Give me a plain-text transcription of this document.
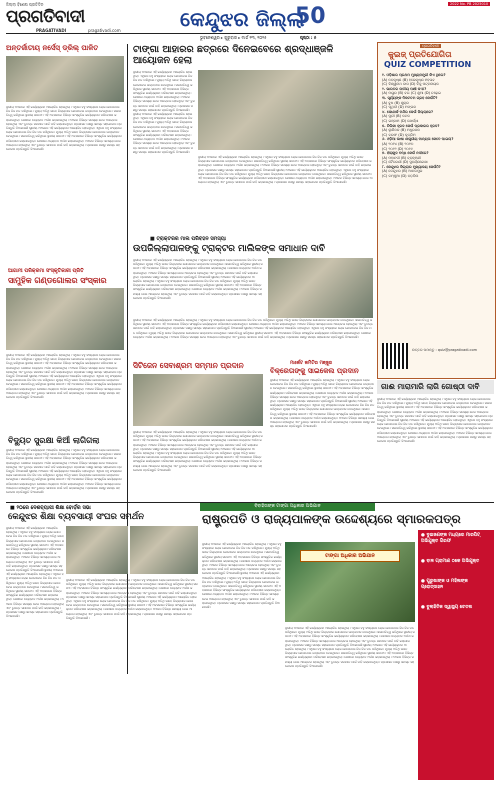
ଜିଲ୍ଲା ବିଶେଷ ପ୍ରତିଦିନ
ପ୍ରଗତିବାଦୀ
PRAGATIVADI	pragativadi.com	କେନ୍ଦୁଝର ଜିଲ୍ଲା
50	2022 No. PB 2025010
ଭୁବନେଶ୍ୱର ▸ ଗୁରୁବାର ▸ ମାର୍ଚ୍ଚ ୧୩, ୨୦୨୫	ପୃଷ୍ଠା : ୫
ପ୍ରଗତିବାଦୀ
କୁଇଜ୍ ପ୍ରତିଯୋଗିତା
QUIZ COMPETITION
୧. ଓଡ଼ିଶାର ପ୍ରଥମ ମୁଖ୍ୟମନ୍ତ୍ରୀ କିଏ ଥିଲେ?
(A) ନବକୃଷ୍ଣ (B) ହରେକୃଷ୍ଣ ମହତାବ
(C) ବିଶ୍ୱନାଥ ଦାସ (D) ବିଜୁ ପଟ୍ଟନାୟକ
୨. ଭାରତର ଜାତୀୟ ପକ୍ଷୀ କ'ଣ?
(A) ମୟୂର (B) ବଗ (C) ଶୁଆ (D) ଚଢ଼େଇ
୩. ସୂର୍ଯ୍ୟଙ୍କ ନିକଟତମ ଗ୍ରହ କେଉଁଟି?
(A) ବୁଧ (B) ଶୁକ୍ର
(C) ପୃଥିବୀ (D) ମଙ୍ଗଳ
୪. କୋଣାର୍କ ମନ୍ଦିର କେଉଁ ଜିଲ୍ଲାରେ?
(A) ପୁରୀ (B) କଟକ
(C) ଗଞ୍ଜାମ (D) ଖୋର୍ଦ୍ଧା
୫. ଚିଲିକା ହ୍ରଦ କେଉଁ ପ୍ରକାରର ହ୍ରଦ?
(A) ଲୁଣିଜଳ (B) ମଧୁରଜଳ
(C) ବରଫ (D) କୃତ୍ରିମ
୬. ଓଡ଼ିଆ ଭାଷା ଶାସ୍ତ୍ରୀୟ ମାନ୍ୟତା କେବେ ପାଇଲା?
(A) ୨୦୧୪ (B) ୨୦୧୦
(C) ୨୦୧୨ (D) ୨୦୧୬
୭. ହୀରାକୁଦ ବନ୍ଧ କେଉଁ ନଦୀରେ?
(A) ମହାନଦୀ (B) ବ୍ରାହ୍ମଣୀ
(C) ବୈତରଣୀ (D) ସୁବର୍ଣ୍ଣରେଖା
୮. କେନ୍ଦୁଝର ଜିଲ୍ଲାର ମୁଖ୍ୟାଳୟ କେଉଁଠି?
(A) କେନ୍ଦୁଝର (B) ଆନନ୍ଦପୁର
(C) ଚମ୍ପୁଆ (D) ବଡ଼ବିଲ
ଉତ୍ତର ପଠାନ୍ତୁ : quiz@pragativadi.com
ଅନ୍ତର୍ଜାତୀୟ ନର୍ସେସ୍ ଡ୍ରିଲ୍ ପାଳିତ
ସ୍ଥାନୀୟ ଅଞ୍ଚଳରେ ଏହି କାର୍ଯ୍ୟକ୍ରମ ଆୟୋଜିତ ହୋଇଥିଲା। ଏଥିରେ ବହୁ ସଂଖ୍ୟାରେ ଲୋକ ଯୋଗଦେଇ ନିଜ ନିଜ ମତ ରଖିଥିଲେ। ମୁଖ୍ୟ ଅତିଥି ଭାବେ ଜିଲ୍ଲାପାଳ ଯୋଗଦେଇ ଉଦ୍‌ବୋଧନ ଦେଇଥିଲେ। ସଭାପତିତ୍ୱ କରିଥିଲେ ସ୍ଥାନୀୟ ସରପଞ୍ଚ। ଏହି ଅବସରରେ ବିଭିନ୍ନ ସାଂସ୍କୃତିକ କାର୍ଯ୍ୟକ୍ରମ ପରିବେଷଣ କରାଯାଇଥିଲା। ଶେଷରେ ଧନ୍ୟବାଦ ଅର୍ପଣ କରାଯାଇଥିଲା। ଅଞ୍ଚଳର ବିଭିନ୍ନ ସମସ୍ୟା ନେଇ ଆଲୋଚନା ହୋଇଥିଲା ଏବଂ ତୁରନ୍ତ ସମାଧାନ ପାଇଁ ଦାବି କରାଯାଇଥିଲା। ପ୍ରଶାସନ ପକ୍ଷରୁ ସମସ୍ତ ସହଯୋଗର ପ୍ରତିଶ୍ରୁତି ଦିଆଯାଇଛି।ସ୍ଥାନୀୟ ଅଞ୍ଚଳରେ ଏହି କାର୍ଯ୍ୟକ୍ରମ ଆୟୋଜିତ ହୋଇଥିଲା। ଏଥିରେ ବହୁ ସଂଖ୍ୟାରେ ଲୋକ ଯୋଗଦେଇ ନିଜ ନିଜ ମତ ରଖିଥିଲେ। ମୁଖ୍ୟ ଅତିଥି ଭାବେ ଜିଲ୍ଲାପାଳ ଯୋଗଦେଇ ଉଦ୍‌ବୋଧନ ଦେଇଥିଲେ। ସଭାପତିତ୍ୱ କରିଥିଲେ ସ୍ଥାନୀୟ ସରପଞ୍ଚ। ଏହି ଅବସରରେ ବିଭିନ୍ନ ସାଂସ୍କୃତିକ କାର୍ଯ୍ୟକ୍ରମ ପରିବେଷଣ କରାଯାଇଥିଲା। ଶେଷରେ ଧନ୍ୟବାଦ ଅର୍ପଣ କରାଯାଇଥିଲା। ଅଞ୍ଚଳର ବିଭିନ୍ନ ସମସ୍ୟା ନେଇ ଆଲୋଚନା ହୋଇଥିଲା ଏବଂ ତୁରନ୍ତ ସମାଧାନ ପାଇଁ ଦାବି କରାଯାଇଥିଲା। ପ୍ରଶାସନ ପକ୍ଷରୁ ସମସ୍ତ ସହଯୋଗର ପ୍ରତିଶ୍ରୁତି ଦିଆଯାଇଛି।
ଟାଙ୍ଗା ଆହାରର ଛତ୍ରରେ ଦିନେଇବେରେ ଶ୍ରଦ୍ଧାଞ୍ଜଳି ଆୟୋଜନ ହେଲା
ସ୍ଥାନୀୟ ଅଞ୍ଚଳରେ ଏହି କାର୍ଯ୍ୟକ୍ରମ ଆୟୋଜିତ ହୋଇଥିଲା। ଏଥିରେ ବହୁ ସଂଖ୍ୟାରେ ଲୋକ ଯୋଗଦେଇ ନିଜ ନିଜ ମତ ରଖିଥିଲେ। ମୁଖ୍ୟ ଅତିଥି ଭାବେ ଜିଲ୍ଲାପାଳ ଯୋଗଦେଇ ଉଦ୍‌ବୋଧନ ଦେଇଥିଲେ। ସଭାପତିତ୍ୱ କରିଥିଲେ ସ୍ଥାନୀୟ ସରପଞ୍ଚ। ଏହି ଅବସରରେ ବିଭିନ୍ନ ସାଂସ୍କୃତିକ କାର୍ଯ୍ୟକ୍ରମ ପରିବେଷଣ କରାଯାଇଥିଲା। ଶେଷରେ ଧନ୍ୟବାଦ ଅର୍ପଣ କରାଯାଇଥିଲା। ଅଞ୍ଚଳର ବିଭିନ୍ନ ସମସ୍ୟା ନେଇ ଆଲୋଚନା ହୋଇଥିଲା ଏବଂ ତୁରନ୍ତ ସମାଧାନ ପାଇଁ ଦାବି କରାଯାଇଥିଲା। ପ୍ରଶାସନ ପକ୍ଷରୁ ସମସ୍ତ ସହଯୋଗର ପ୍ରତିଶ୍ରୁତି ଦିଆଯାଇଛି।ସ୍ଥାନୀୟ ଅଞ୍ଚଳରେ ଏହି କାର୍ଯ୍ୟକ୍ରମ ଆୟୋଜିତ ହୋଇଥିଲା। ଏଥିରେ ବହୁ ସଂଖ୍ୟାରେ ଲୋକ ଯୋଗଦେଇ ନିଜ ନିଜ ମତ ରଖିଥିଲେ। ମୁଖ୍ୟ ଅତିଥି ଭାବେ ଜିଲ୍ଲାପାଳ ଯୋଗଦେଇ ଉଦ୍‌ବୋଧନ ଦେଇଥିଲେ। ସଭାପତିତ୍ୱ କରିଥିଲେ ସ୍ଥାନୀୟ ସରପଞ୍ଚ। ଏହି ଅବସରରେ ବିଭିନ୍ନ ସାଂସ୍କୃତିକ କାର୍ଯ୍ୟକ୍ରମ ପରିବେଷଣ କରାଯାଇଥିଲା। ଶେଷରେ ଧନ୍ୟବାଦ ଅର୍ପଣ କରାଯାଇଥିଲା। ଅଞ୍ଚଳର ବିଭିନ୍ନ ସମସ୍ୟା ନେଇ ଆଲୋଚନା ହୋଇଥିଲା ଏବଂ ତୁରନ୍ତ ସମାଧାନ ପାଇଁ ଦାବି କରାଯାଇଥିଲା। ପ୍ରଶାସନ ପକ୍ଷରୁ ସମସ୍ତ ସହଯୋଗର ପ୍ରତିଶ୍ରୁତି ଦିଆଯାଇଛି।
ସ୍ଥାନୀୟ ଅଞ୍ଚଳରେ ଏହି କାର୍ଯ୍ୟକ୍ରମ ଆୟୋଜିତ ହୋଇଥିଲା। ଏଥିରେ ବହୁ ସଂଖ୍ୟାରେ ଲୋକ ଯୋଗଦେଇ ନିଜ ନିଜ ମତ ରଖିଥିଲେ। ମୁଖ୍ୟ ଅତିଥି ଭାବେ ଜିଲ୍ଲାପାଳ ଯୋଗଦେଇ ଉଦ୍‌ବୋଧନ ଦେଇଥିଲେ। ସଭାପତିତ୍ୱ କରିଥିଲେ ସ୍ଥାନୀୟ ସରପଞ୍ଚ। ଏହି ଅବସରରେ ବିଭିନ୍ନ ସାଂସ୍କୃତିକ କାର୍ଯ୍ୟକ୍ରମ ପରିବେଷଣ କରାଯାଇଥିଲା। ଶେଷରେ ଧନ୍ୟବାଦ ଅର୍ପଣ କରାଯାଇଥିଲା। ଅଞ୍ଚଳର ବିଭିନ୍ନ ସମସ୍ୟା ନେଇ ଆଲୋଚନା ହୋଇଥିଲା ଏବଂ ତୁରନ୍ତ ସମାଧାନ ପାଇଁ ଦାବି କରାଯାଇଥିଲା। ପ୍ରଶାସନ ପକ୍ଷରୁ ସମସ୍ତ ସହଯୋଗର ପ୍ରତିଶ୍ରୁତି ଦିଆଯାଇଛି।ସ୍ଥାନୀୟ ଅଞ୍ଚଳରେ ଏହି କାର୍ଯ୍ୟକ୍ରମ ଆୟୋଜିତ ହୋଇଥିଲା। ଏଥିରେ ବହୁ ସଂଖ୍ୟାରେ ଲୋକ ଯୋଗଦେଇ ନିଜ ନିଜ ମତ ରଖିଥିଲେ। ମୁଖ୍ୟ ଅତିଥି ଭାବେ ଜିଲ୍ଲାପାଳ ଯୋଗଦେଇ ଉଦ୍‌ବୋଧନ ଦେଇଥିଲେ। ସଭାପତିତ୍ୱ କରିଥିଲେ ସ୍ଥାନୀୟ ସରପଞ୍ଚ। ଏହି ଅବସରରେ ବିଭିନ୍ନ ସାଂସ୍କୃତିକ କାର୍ଯ୍ୟକ୍ରମ ପରିବେଷଣ କରାଯାଇଥିଲା। ଶେଷରେ ଧନ୍ୟବାଦ ଅର୍ପଣ କରାଯାଇଥିଲା। ଅଞ୍ଚଳର ବିଭିନ୍ନ ସମସ୍ୟା ନେଇ ଆଲୋଚନା ହୋଇଥିଲା ଏବଂ ତୁରନ୍ତ ସମାଧାନ ପାଇଁ ଦାବି କରାଯାଇଥିଲା। ପ୍ରଶାସନ ପକ୍ଷରୁ ସମସ୍ତ ସହଯୋଗର ପ୍ରତିଶ୍ରୁତି ଦିଆଯାଇଛି।
■ ଟ୍ରାକ୍ଟରର ମାଲ ପରିବହନ ସମସ୍ୟା
ଉପଜିଲ୍ଲାପାଳଙ୍କୁ ଟ୍ରାକ୍ଟର ମାଲିକଙ୍କ ସମାଧାନ ଦାବି
ସ୍ଥାନୀୟ ଅଞ୍ଚଳରେ ଏହି କାର୍ଯ୍ୟକ୍ରମ ଆୟୋଜିତ ହୋଇଥିଲା। ଏଥିରେ ବହୁ ସଂଖ୍ୟାରେ ଲୋକ ଯୋଗଦେଇ ନିଜ ନିଜ ମତ ରଖିଥିଲେ। ମୁଖ୍ୟ ଅତିଥି ଭାବେ ଜିଲ୍ଲାପାଳ ଯୋଗଦେଇ ଉଦ୍‌ବୋଧନ ଦେଇଥିଲେ। ସଭାପତିତ୍ୱ କରିଥିଲେ ସ୍ଥାନୀୟ ସରପଞ୍ଚ। ଏହି ଅବସରରେ ବିଭିନ୍ନ ସାଂସ୍କୃତିକ କାର୍ଯ୍ୟକ୍ରମ ପରିବେଷଣ କରାଯାଇଥିଲା। ଶେଷରେ ଧନ୍ୟବାଦ ଅର୍ପଣ କରାଯାଇଥିଲା। ଅଞ୍ଚଳର ବିଭିନ୍ନ ସମସ୍ୟା ନେଇ ଆଲୋଚନା ହୋଇଥିଲା ଏବଂ ତୁରନ୍ତ ସମାଧାନ ପାଇଁ ଦାବି କରାଯାଇଥିଲା। ପ୍ରଶାସନ ପକ୍ଷରୁ ସମସ୍ତ ସହଯୋଗର ପ୍ରତିଶ୍ରୁତି ଦିଆଯାଇଛି।ସ୍ଥାନୀୟ ଅଞ୍ଚଳରେ ଏହି କାର୍ଯ୍ୟକ୍ରମ ଆୟୋଜିତ ହୋଇଥିଲା। ଏଥିରେ ବହୁ ସଂଖ୍ୟାରେ ଲୋକ ଯୋଗଦେଇ ନିଜ ନିଜ ମତ ରଖିଥିଲେ। ମୁଖ୍ୟ ଅତିଥି ଭାବେ ଜିଲ୍ଲାପାଳ ଯୋଗଦେଇ ଉଦ୍‌ବୋଧନ ଦେଇଥିଲେ। ସଭାପତିତ୍ୱ କରିଥିଲେ ସ୍ଥାନୀୟ ସରପଞ୍ଚ। ଏହି ଅବସରରେ ବିଭିନ୍ନ ସାଂସ୍କୃତିକ କାର୍ଯ୍ୟକ୍ରମ ପରିବେଷଣ କରାଯାଇଥିଲା। ଶେଷରେ ଧନ୍ୟବାଦ ଅର୍ପଣ କରାଯାଇଥିଲା। ଅଞ୍ଚଳର ବିଭିନ୍ନ ସମସ୍ୟା ନେଇ ଆଲୋଚନା ହୋଇଥିଲା ଏବଂ ତୁରନ୍ତ ସମାଧାନ ପାଇଁ ଦାବି କରାଯାଇଥିଲା। ପ୍ରଶାସନ ପକ୍ଷରୁ ସମସ୍ତ ସହଯୋଗର ପ୍ରତିଶ୍ରୁତି ଦିଆଯାଇଛି।
ସ୍ଥାନୀୟ ଅଞ୍ଚଳରେ ଏହି କାର୍ଯ୍ୟକ୍ରମ ଆୟୋଜିତ ହୋଇଥିଲା। ଏଥିରେ ବହୁ ସଂଖ୍ୟାରେ ଲୋକ ଯୋଗଦେଇ ନିଜ ନିଜ ମତ ରଖିଥିଲେ। ମୁଖ୍ୟ ଅତିଥି ଭାବେ ଜିଲ୍ଲାପାଳ ଯୋଗଦେଇ ଉଦ୍‌ବୋଧନ ଦେଇଥିଲେ। ସଭାପତିତ୍ୱ କରିଥିଲେ ସ୍ଥାନୀୟ ସରପଞ୍ଚ। ଏହି ଅବସରରେ ବିଭିନ୍ନ ସାଂସ୍କୃତିକ କାର୍ଯ୍ୟକ୍ରମ ପରିବେଷଣ କରାଯାଇଥିଲା। ଶେଷରେ ଧନ୍ୟବାଦ ଅର୍ପଣ କରାଯାଇଥିଲା। ଅଞ୍ଚଳର ବିଭିନ୍ନ ସମସ୍ୟା ନେଇ ଆଲୋଚନା ହୋଇଥିଲା ଏବଂ ତୁରନ୍ତ ସମାଧାନ ପାଇଁ ଦାବି କରାଯାଇଥିଲା। ପ୍ରଶାସନ ପକ୍ଷରୁ ସମସ୍ତ ସହଯୋଗର ପ୍ରତିଶ୍ରୁତି ଦିଆଯାଇଛି।ସ୍ଥାନୀୟ ଅଞ୍ଚଳରେ ଏହି କାର୍ଯ୍ୟକ୍ରମ ଆୟୋଜିତ ହୋଇଥିଲା। ଏଥିରେ ବହୁ ସଂଖ୍ୟାରେ ଲୋକ ଯୋଗଦେଇ ନିଜ ନିଜ ମତ ରଖିଥିଲେ। ମୁଖ୍ୟ ଅତିଥି ଭାବେ ଜିଲ୍ଲାପାଳ ଯୋଗଦେଇ ଉଦ୍‌ବୋଧନ ଦେଇଥିଲେ। ସଭାପତିତ୍ୱ କରିଥିଲେ ସ୍ଥାନୀୟ ସରପଞ୍ଚ। ଏହି ଅବସରରେ ବିଭିନ୍ନ ସାଂସ୍କୃତିକ କାର୍ଯ୍ୟକ୍ରମ ପରିବେଷଣ କରାଯାଇଥିଲା। ଶେଷରେ ଧନ୍ୟବାଦ ଅର୍ପଣ କରାଯାଇଥିଲା। ଅଞ୍ଚଳର ବିଭିନ୍ନ ସମସ୍ୟା ନେଇ ଆଲୋଚନା ହୋଇଥିଲା ଏବଂ ତୁରନ୍ତ ସମାଧାନ ପାଇଁ ଦାବି କରାଯାଇଥିଲା। ପ୍ରଶାସନ ପକ୍ଷରୁ ସମସ୍ତ ସହଯୋଗର ପ୍ରତିଶ୍ରୁତି ଦିଆଯାଇଛି।
ଆଗାମୀ ପରିକ୍ରମା ସଂସ୍କୃତିକାରୀ ପ୍ରିତି
ସାମୁହିକ ଗଣ୍ଡଗୋଲର ସଂସ୍କାର
ସ୍ଥାନୀୟ ଅଞ୍ଚଳରେ ଏହି କାର୍ଯ୍ୟକ୍ରମ ଆୟୋଜିତ ହୋଇଥିଲା। ଏଥିରେ ବହୁ ସଂଖ୍ୟାରେ ଲୋକ ଯୋଗଦେଇ ନିଜ ନିଜ ମତ ରଖିଥିଲେ। ମୁଖ୍ୟ ଅତିଥି ଭାବେ ଜିଲ୍ଲାପାଳ ଯୋଗଦେଇ ଉଦ୍‌ବୋଧନ ଦେଇଥିଲେ। ସଭାପତିତ୍ୱ କରିଥିଲେ ସ୍ଥାନୀୟ ସରପଞ୍ଚ। ଏହି ଅବସରରେ ବିଭିନ୍ନ ସାଂସ୍କୃତିକ କାର୍ଯ୍ୟକ୍ରମ ପରିବେଷଣ କରାଯାଇଥିଲା। ଶେଷରେ ଧନ୍ୟବାଦ ଅର୍ପଣ କରାଯାଇଥିଲା। ଅଞ୍ଚଳର ବିଭିନ୍ନ ସମସ୍ୟା ନେଇ ଆଲୋଚନା ହୋଇଥିଲା ଏବଂ ତୁରନ୍ତ ସମାଧାନ ପାଇଁ ଦାବି କରାଯାଇଥିଲା। ପ୍ରଶାସନ ପକ୍ଷରୁ ସମସ୍ତ ସହଯୋଗର ପ୍ରତିଶ୍ରୁତି ଦିଆଯାଇଛି।ସ୍ଥାନୀୟ ଅଞ୍ଚଳରେ ଏହି କାର୍ଯ୍ୟକ୍ରମ ଆୟୋଜିତ ହୋଇଥିଲା। ଏଥିରେ ବହୁ ସଂଖ୍ୟାରେ ଲୋକ ଯୋଗଦେଇ ନିଜ ନିଜ ମତ ରଖିଥିଲେ। ମୁଖ୍ୟ ଅତିଥି ଭାବେ ଜିଲ୍ଲାପାଳ ଯୋଗଦେଇ ଉଦ୍‌ବୋଧନ ଦେଇଥିଲେ। ସଭାପତିତ୍ୱ କରିଥିଲେ ସ୍ଥାନୀୟ ସରପଞ୍ଚ। ଏହି ଅବସରରେ ବିଭିନ୍ନ ସାଂସ୍କୃତିକ କାର୍ଯ୍ୟକ୍ରମ ପରିବେଷଣ କରାଯାଇଥିଲା। ଶେଷରେ ଧନ୍ୟବାଦ ଅର୍ପଣ କରାଯାଇଥିଲା। ଅଞ୍ଚଳର ବିଭିନ୍ନ ସମସ୍ୟା ନେଇ ଆଲୋଚନା ହୋଇଥିଲା ଏବଂ ତୁରନ୍ତ ସମାଧାନ ପାଇଁ ଦାବି କରାଯାଇଥିଲା। ପ୍ରଶାସନ ପକ୍ଷରୁ ସମସ୍ତ ସହଯୋଗର ପ୍ରତିଶ୍ରୁତି ଦିଆଯାଇଛି।
ସିଟିଜେନ ସେବାଶ୍ରମ ସମ୍ମାନ ପ୍ରଦାନ
ସ୍ଥାନୀୟ ଅଞ୍ଚଳରେ ଏହି କାର୍ଯ୍ୟକ୍ରମ ଆୟୋଜିତ ହୋଇଥିଲା। ଏଥିରେ ବହୁ ସଂଖ୍ୟାରେ ଲୋକ ଯୋଗଦେଇ ନିଜ ନିଜ ମତ ରଖିଥିଲେ। ମୁଖ୍ୟ ଅତିଥି ଭାବେ ଜିଲ୍ଲାପାଳ ଯୋଗଦେଇ ଉଦ୍‌ବୋଧନ ଦେଇଥିଲେ। ସଭାପତିତ୍ୱ କରିଥିଲେ ସ୍ଥାନୀୟ ସରପଞ୍ଚ। ଏହି ଅବସରରେ ବିଭିନ୍ନ ସାଂସ୍କୃତିକ କାର୍ଯ୍ୟକ୍ରମ ପରିବେଷଣ କରାଯାଇଥିଲା। ଶେଷରେ ଧନ୍ୟବାଦ ଅର୍ପଣ କରାଯାଇଥିଲା। ଅଞ୍ଚଳର ବିଭିନ୍ନ ସମସ୍ୟା ନେଇ ଆଲୋଚନା ହୋଇଥିଲା ଏବଂ ତୁରନ୍ତ ସମାଧାନ ପାଇଁ ଦାବି କରାଯାଇଥିଲା। ପ୍ରଶାସନ ପକ୍ଷରୁ ସମସ୍ତ ସହଯୋଗର ପ୍ରତିଶ୍ରୁତି ଦିଆଯାଇଛି।ସ୍ଥାନୀୟ ଅଞ୍ଚଳରେ ଏହି କାର୍ଯ୍ୟକ୍ରମ ଆୟୋଜିତ ହୋଇଥିଲା। ଏଥିରେ ବହୁ ସଂଖ୍ୟାରେ ଲୋକ ଯୋଗଦେଇ ନିଜ ନିଜ ମତ ରଖିଥିଲେ। ମୁଖ୍ୟ ଅତିଥି ଭାବେ ଜିଲ୍ଲାପାଳ ଯୋଗଦେଇ ଉଦ୍‌ବୋଧନ ଦେଇଥିଲେ। ସଭାପତିତ୍ୱ କରିଥିଲେ ସ୍ଥାନୀୟ ସରପଞ୍ଚ। ଏହି ଅବସରରେ ବିଭିନ୍ନ ସାଂସ୍କୃତିକ କାର୍ଯ୍ୟକ୍ରମ ପରିବେଷଣ କରାଯାଇଥିଲା। ଶେଷରେ ଧନ୍ୟବାଦ ଅର୍ପଣ କରାଯାଇଥିଲା। ଅଞ୍ଚଳର ବିଭିନ୍ନ ସମସ୍ୟା ନେଇ ଆଲୋଚନା ହୋଇଥିଲା ଏବଂ ତୁରନ୍ତ ସମାଧାନ ପାଇଁ ଦାବି କରାଯାଇଥିଲା। ପ୍ରଶାସନ ପକ୍ଷରୁ ସମସ୍ତ ସହଯୋଗର ପ୍ରତିଶ୍ରୁତି ଦିଆଯାଇଛି।
ମାର୍କେଟ କମିଟିର ମଞ୍ଜୁର
ବିକ୍ରେତାଙ୍କୁ ସାଇକେଲ ପ୍ରଦାନ
ସ୍ଥାନୀୟ ଅଞ୍ଚଳରେ ଏହି କାର୍ଯ୍ୟକ୍ରମ ଆୟୋଜିତ ହୋଇଥିଲା। ଏଥିରେ ବହୁ ସଂଖ୍ୟାରେ ଲୋକ ଯୋଗଦେଇ ନିଜ ନିଜ ମତ ରଖିଥିଲେ। ମୁଖ୍ୟ ଅତିଥି ଭାବେ ଜିଲ୍ଲାପାଳ ଯୋଗଦେଇ ଉଦ୍‌ବୋଧନ ଦେଇଥିଲେ। ସଭାପତିତ୍ୱ କରିଥିଲେ ସ୍ଥାନୀୟ ସରପଞ୍ଚ। ଏହି ଅବସରରେ ବିଭିନ୍ନ ସାଂସ୍କୃତିକ କାର୍ଯ୍ୟକ୍ରମ ପରିବେଷଣ କରାଯାଇଥିଲା। ଶେଷରେ ଧନ୍ୟବାଦ ଅର୍ପଣ କରାଯାଇଥିଲା। ଅଞ୍ଚଳର ବିଭିନ୍ନ ସମସ୍ୟା ନେଇ ଆଲୋଚନା ହୋଇଥିଲା ଏବଂ ତୁରନ୍ତ ସମାଧାନ ପାଇଁ ଦାବି କରାଯାଇଥିଲା। ପ୍ରଶାସନ ପକ୍ଷରୁ ସମସ୍ତ ସହଯୋଗର ପ୍ରତିଶ୍ରୁତି ଦିଆଯାଇଛି।ସ୍ଥାନୀୟ ଅଞ୍ଚଳରେ ଏହି କାର୍ଯ୍ୟକ୍ରମ ଆୟୋଜିତ ହୋଇଥିଲା। ଏଥିରେ ବହୁ ସଂଖ୍ୟାରେ ଲୋକ ଯୋଗଦେଇ ନିଜ ନିଜ ମତ ରଖିଥିଲେ। ମୁଖ୍ୟ ଅତିଥି ଭାବେ ଜିଲ୍ଲାପାଳ ଯୋଗଦେଇ ଉଦ୍‌ବୋଧନ ଦେଇଥିଲେ। ସଭାପତିତ୍ୱ କରିଥିଲେ ସ୍ଥାନୀୟ ସରପଞ୍ଚ। ଏହି ଅବସରରେ ବିଭିନ୍ନ ସାଂସ୍କୃତିକ କାର୍ଯ୍ୟକ୍ରମ ପରିବେଷଣ କରାଯାଇଥିଲା। ଶେଷରେ ଧନ୍ୟବାଦ ଅର୍ପଣ କରାଯାଇଥିଲା। ଅଞ୍ଚଳର ବିଭିନ୍ନ ସମସ୍ୟା ନେଇ ଆଲୋଚନା ହୋଇଥିଲା ଏବଂ ତୁରନ୍ତ ସମାଧାନ ପାଇଁ ଦାବି କରାଯାଇଥିଲା। ପ୍ରଶାସନ ପକ୍ଷରୁ ସମସ୍ତ ସହଯୋଗର ପ୍ରତିଶ୍ରୁତି ଦିଆଯାଇଛି।
ଗାଈ ମାରାମାରି ଲାଗି ଗୋଷ୍ଠୀ ଦାବି
ସ୍ଥାନୀୟ ଅଞ୍ଚଳରେ ଏହି କାର୍ଯ୍ୟକ୍ରମ ଆୟୋଜିତ ହୋଇଥିଲା। ଏଥିରେ ବହୁ ସଂଖ୍ୟାରେ ଲୋକ ଯୋଗଦେଇ ନିଜ ନିଜ ମତ ରଖିଥିଲେ। ମୁଖ୍ୟ ଅତିଥି ଭାବେ ଜିଲ୍ଲାପାଳ ଯୋଗଦେଇ ଉଦ୍‌ବୋଧନ ଦେଇଥିଲେ। ସଭାପତିତ୍ୱ କରିଥିଲେ ସ୍ଥାନୀୟ ସରପଞ୍ଚ। ଏହି ଅବସରରେ ବିଭିନ୍ନ ସାଂସ୍କୃତିକ କାର୍ଯ୍ୟକ୍ରମ ପରିବେଷଣ କରାଯାଇଥିଲା। ଶେଷରେ ଧନ୍ୟବାଦ ଅର୍ପଣ କରାଯାଇଥିଲା। ଅଞ୍ଚଳର ବିଭିନ୍ନ ସମସ୍ୟା ନେଇ ଆଲୋଚନା ହୋଇଥିଲା ଏବଂ ତୁରନ୍ତ ସମାଧାନ ପାଇଁ ଦାବି କରାଯାଇଥିଲା। ପ୍ରଶାସନ ପକ୍ଷରୁ ସମସ୍ତ ସହଯୋଗର ପ୍ରତିଶ୍ରୁତି ଦିଆଯାଇଛି।ସ୍ଥାନୀୟ ଅଞ୍ଚଳରେ ଏହି କାର୍ଯ୍ୟକ୍ରମ ଆୟୋଜିତ ହୋଇଥିଲା। ଏଥିରେ ବହୁ ସଂଖ୍ୟାରେ ଲୋକ ଯୋଗଦେଇ ନିଜ ନିଜ ମତ ରଖିଥିଲେ। ମୁଖ୍ୟ ଅତିଥି ଭାବେ ଜିଲ୍ଲାପାଳ ଯୋଗଦେଇ ଉଦ୍‌ବୋଧନ ଦେଇଥିଲେ। ସଭାପତିତ୍ୱ କରିଥିଲେ ସ୍ଥାନୀୟ ସରପଞ୍ଚ। ଏହି ଅବସରରେ ବିଭିନ୍ନ ସାଂସ୍କୃତିକ କାର୍ଯ୍ୟକ୍ରମ ପରିବେଷଣ କରାଯାଇଥିଲା। ଶେଷରେ ଧନ୍ୟବାଦ ଅର୍ପଣ କରାଯାଇଥିଲା। ଅଞ୍ଚଳର ବିଭିନ୍ନ ସମସ୍ୟା ନେଇ ଆଲୋଚନା ହୋଇଥିଲା ଏବଂ ତୁରନ୍ତ ସମାଧାନ ପାଇଁ ଦାବି କରାଯାଇଥିଲା। ପ୍ରଶାସନ ପକ୍ଷରୁ ସମସ୍ତ ସହଯୋଗର ପ୍ରତିଶ୍ରୁତି ଦିଆଯାଇଛି।
ବିଦ୍ୟୁତ ସୁରକ୍ଷା କିଆଁ ଲାଗିଗଲା
ସ୍ଥାନୀୟ ଅଞ୍ଚଳରେ ଏହି କାର୍ଯ୍ୟକ୍ରମ ଆୟୋଜିତ ହୋଇଥିଲା। ଏଥିରେ ବହୁ ସଂଖ୍ୟାରେ ଲୋକ ଯୋଗଦେଇ ନିଜ ନିଜ ମତ ରଖିଥିଲେ। ମୁଖ୍ୟ ଅତିଥି ଭାବେ ଜିଲ୍ଲାପାଳ ଯୋଗଦେଇ ଉଦ୍‌ବୋଧନ ଦେଇଥିଲେ। ସଭାପତିତ୍ୱ କରିଥିଲେ ସ୍ଥାନୀୟ ସରପଞ୍ଚ। ଏହି ଅବସରରେ ବିଭିନ୍ନ ସାଂସ୍କୃତିକ କାର୍ଯ୍ୟକ୍ରମ ପରିବେଷଣ କରାଯାଇଥିଲା। ଶେଷରେ ଧନ୍ୟବାଦ ଅର୍ପଣ କରାଯାଇଥିଲା। ଅଞ୍ଚଳର ବିଭିନ୍ନ ସମସ୍ୟା ନେଇ ଆଲୋଚନା ହୋଇଥିଲା ଏବଂ ତୁରନ୍ତ ସମାଧାନ ପାଇଁ ଦାବି କରାଯାଇଥିଲା। ପ୍ରଶାସନ ପକ୍ଷରୁ ସମସ୍ତ ସହଯୋଗର ପ୍ରତିଶ୍ରୁତି ଦିଆଯାଇଛି।ସ୍ଥାନୀୟ ଅଞ୍ଚଳରେ ଏହି କାର୍ଯ୍ୟକ୍ରମ ଆୟୋଜିତ ହୋଇଥିଲା। ଏଥିରେ ବହୁ ସଂଖ୍ୟାରେ ଲୋକ ଯୋଗଦେଇ ନିଜ ନିଜ ମତ ରଖିଥିଲେ। ମୁଖ୍ୟ ଅତିଥି ଭାବେ ଜିଲ୍ଲାପାଳ ଯୋଗଦେଇ ଉଦ୍‌ବୋଧନ ଦେଇଥିଲେ। ସଭାପତିତ୍ୱ କରିଥିଲେ ସ୍ଥାନୀୟ ସରପଞ୍ଚ। ଏହି ଅବସରରେ ବିଭିନ୍ନ ସାଂସ୍କୃତିକ କାର୍ଯ୍ୟକ୍ରମ ପରିବେଷଣ କରାଯାଇଥିଲା। ଶେଷରେ ଧନ୍ୟବାଦ ଅର୍ପଣ କରାଯାଇଥିଲା। ଅଞ୍ଚଳର ବିଭିନ୍ନ ସମସ୍ୟା ନେଇ ଆଲୋଚନା ହୋଇଥିଲା ଏବଂ ତୁରନ୍ତ ସମାଧାନ ପାଇଁ ଦାବି କରାଯାଇଥିଲା। ପ୍ରଶାସନ ପକ୍ଷରୁ ସମସ୍ତ ସହଯୋଗର ପ୍ରତିଶ୍ରୁତି ଦିଆଯାଇଛି।
■ ୨୦ରେ ଦେଶବ୍ୟାପୀ ଶିକ୍ଷା ବୋର୍ଡ଼ର ସଭା
କେନ୍ଦୁଝର ଶିକ୍ଷା ବ୍ୟବସାୟୀ ସଂଘର ସମର୍ଥନ
ସ୍ଥାନୀୟ ଅଞ୍ଚଳରେ ଏହି କାର୍ଯ୍ୟକ୍ରମ ଆୟୋଜିତ ହୋଇଥିଲା। ଏଥିରେ ବହୁ ସଂଖ୍ୟାରେ ଲୋକ ଯୋଗଦେଇ ନିଜ ନିଜ ମତ ରଖିଥିଲେ। ମୁଖ୍ୟ ଅତିଥି ଭାବେ ଜିଲ୍ଲାପାଳ ଯୋଗଦେଇ ଉଦ୍‌ବୋଧନ ଦେଇଥିଲେ। ସଭାପତିତ୍ୱ କରିଥିଲେ ସ୍ଥାନୀୟ ସରପଞ୍ଚ। ଏହି ଅବସରରେ ବିଭିନ୍ନ ସାଂସ୍କୃତିକ କାର୍ଯ୍ୟକ୍ରମ ପରିବେଷଣ କରାଯାଇଥିଲା। ଶେଷରେ ଧନ୍ୟବାଦ ଅର୍ପଣ କରାଯାଇଥିଲା। ଅଞ୍ଚଳର ବିଭିନ୍ନ ସମସ୍ୟା ନେଇ ଆଲୋଚନା ହୋଇଥିଲା ଏବଂ ତୁରନ୍ତ ସମାଧାନ ପାଇଁ ଦାବି କରାଯାଇଥିଲା। ପ୍ରଶାସନ ପକ୍ଷରୁ ସମସ୍ତ ସହଯୋଗର ପ୍ରତିଶ୍ରୁତି ଦିଆଯାଇଛି।ସ୍ଥାନୀୟ ଅଞ୍ଚଳରେ ଏହି କାର୍ଯ୍ୟକ୍ରମ ଆୟୋଜିତ ହୋଇଥିଲା। ଏଥିରେ ବହୁ ସଂଖ୍ୟାରେ ଲୋକ ଯୋଗଦେଇ ନିଜ ନିଜ ମତ ରଖିଥିଲେ। ମୁଖ୍ୟ ଅତିଥି ଭାବେ ଜିଲ୍ଲାପାଳ ଯୋଗଦେଇ ଉଦ୍‌ବୋଧନ ଦେଇଥିଲେ। ସଭାପତିତ୍ୱ କରିଥିଲେ ସ୍ଥାନୀୟ ସରପଞ୍ଚ। ଏହି ଅବସରରେ ବିଭିନ୍ନ ସାଂସ୍କୃତିକ କାର୍ଯ୍ୟକ୍ରମ ପରିବେଷଣ କରାଯାଇଥିଲା। ଶେଷରେ ଧନ୍ୟବାଦ ଅର୍ପଣ କରାଯାଇଥିଲା। ଅଞ୍ଚଳର ବିଭିନ୍ନ ସମସ୍ୟା ନେଇ ଆଲୋଚନା ହୋଇଥିଲା ଏବଂ ତୁରନ୍ତ ସମାଧାନ ପାଇଁ ଦାବି କରାଯାଇଥିଲା। ପ୍ରଶାସନ ପକ୍ଷରୁ ସମସ୍ତ ସହଯୋଗର ପ୍ରତିଶ୍ରୁତି ଦିଆଯାଇଛି।
ସ୍ଥାନୀୟ ଅଞ୍ଚଳରେ ଏହି କାର୍ଯ୍ୟକ୍ରମ ଆୟୋଜିତ ହୋଇଥିଲା। ଏଥିରେ ବହୁ ସଂଖ୍ୟାରେ ଲୋକ ଯୋଗଦେଇ ନିଜ ନିଜ ମତ ରଖିଥିଲେ। ମୁଖ୍ୟ ଅତିଥି ଭାବେ ଜିଲ୍ଲାପାଳ ଯୋଗଦେଇ ଉଦ୍‌ବୋଧନ ଦେଇଥିଲେ। ସଭାପତିତ୍ୱ କରିଥିଲେ ସ୍ଥାନୀୟ ସରପଞ୍ଚ। ଏହି ଅବସରରେ ବିଭିନ୍ନ ସାଂସ୍କୃତିକ କାର୍ଯ୍ୟକ୍ରମ ପରିବେଷଣ କରାଯାଇଥିଲା। ଶେଷରେ ଧନ୍ୟବାଦ ଅର୍ପଣ କରାଯାଇଥିଲା। ଅଞ୍ଚଳର ବିଭିନ୍ନ ସମସ୍ୟା ନେଇ ଆଲୋଚନା ହୋଇଥିଲା ଏବଂ ତୁରନ୍ତ ସମାଧାନ ପାଇଁ ଦାବି କରାଯାଇଥିଲା। ପ୍ରଶାସନ ପକ୍ଷରୁ ସମସ୍ତ ସହଯୋଗର ପ୍ରତିଶ୍ରୁତି ଦିଆଯାଇଛି।ସ୍ଥାନୀୟ ଅଞ୍ଚଳରେ ଏହି କାର୍ଯ୍ୟକ୍ରମ ଆୟୋଜିତ ହୋଇଥିଲା। ଏଥିରେ ବହୁ ସଂଖ୍ୟାରେ ଲୋକ ଯୋଗଦେଇ ନିଜ ନିଜ ମତ ରଖିଥିଲେ। ମୁଖ୍ୟ ଅତିଥି ଭାବେ ଜିଲ୍ଲାପାଳ ଯୋଗଦେଇ ଉଦ୍‌ବୋଧନ ଦେଇଥିଲେ। ସଭାପତିତ୍ୱ କରିଥିଲେ ସ୍ଥାନୀୟ ସରପଞ୍ଚ। ଏହି ଅବସରରେ ବିଭିନ୍ନ ସାଂସ୍କୃତିକ କାର୍ଯ୍ୟକ୍ରମ ପରିବେଷଣ କରାଯାଇଥିଲା। ଶେଷରେ ଧନ୍ୟବାଦ ଅର୍ପଣ କରାଯାଇଥିଲା। ଅଞ୍ଚଳର ବିଭିନ୍ନ ସମସ୍ୟା ନେଇ ଆଲୋଚନା ହୋଇଥିଲା ଏବଂ ତୁରନ୍ତ ସମାଧାନ ପାଇଁ ଦାବି କରାଯାଇଥିଲା। ପ୍ରଶାସନ ପକ୍ଷରୁ ସମସ୍ତ ସହଯୋଗର ପ୍ରତିଶ୍ରୁତି ଦିଆଯାଇଛି।
ବିବାହିତାଙ୍କ ଟାଙ୍ଗା ଅଧିକାର ଅଭିଯାନ
ରାଷ୍ଟ୍ରପତି ଓ ରାଜ୍ୟପାଳଙ୍କ ଉଦ୍ଦେଶ୍ୟରେ ସ୍ମାରକପତ୍ର
ସ୍ଥାନୀୟ ଅଞ୍ଚଳରେ ଏହି କାର୍ଯ୍ୟକ୍ରମ ଆୟୋଜିତ ହୋଇଥିଲା। ଏଥିରେ ବହୁ ସଂଖ୍ୟାରେ ଲୋକ ଯୋଗଦେଇ ନିଜ ନିଜ ମତ ରଖିଥିଲେ। ମୁଖ୍ୟ ଅତିଥି ଭାବେ ଜିଲ୍ଲାପାଳ ଯୋଗଦେଇ ଉଦ୍‌ବୋଧନ ଦେଇଥିଲେ। ସଭାପତିତ୍ୱ କରିଥିଲେ ସ୍ଥାନୀୟ ସରପଞ୍ଚ। ଏହି ଅବସରରେ ବିଭିନ୍ନ ସାଂସ୍କୃତିକ କାର୍ଯ୍ୟକ୍ରମ ପରିବେଷଣ କରାଯାଇଥିଲା। ଶେଷରେ ଧନ୍ୟବାଦ ଅର୍ପଣ କରାଯାଇଥିଲା। ଅଞ୍ଚଳର ବିଭିନ୍ନ ସମସ୍ୟା ନେଇ ଆଲୋଚନା ହୋଇଥିଲା ଏବଂ ତୁରନ୍ତ ସମାଧାନ ପାଇଁ ଦାବି କରାଯାଇଥିଲା। ପ୍ରଶାସନ ପକ୍ଷରୁ ସମସ୍ତ ସହଯୋଗର ପ୍ରତିଶ୍ରୁତି ଦିଆଯାଇଛି।ସ୍ଥାନୀୟ ଅଞ୍ଚଳରେ ଏହି କାର୍ଯ୍ୟକ୍ରମ ଆୟୋଜିତ ହୋଇଥିଲା। ଏଥିରେ ବହୁ ସଂଖ୍ୟାରେ ଲୋକ ଯୋଗଦେଇ ନିଜ ନିଜ ମତ ରଖିଥିଲେ। ମୁଖ୍ୟ ଅତିଥି ଭାବେ ଜିଲ୍ଲାପାଳ ଯୋଗଦେଇ ଉଦ୍‌ବୋଧନ ଦେଇଥିଲେ। ସଭାପତିତ୍ୱ କରିଥିଲେ ସ୍ଥାନୀୟ ସରପଞ୍ଚ। ଏହି ଅବସରରେ ବିଭିନ୍ନ ସାଂସ୍କୃତିକ କାର୍ଯ୍ୟକ୍ରମ ପରିବେଷଣ କରାଯାଇଥିଲା। ଶେଷରେ ଧନ୍ୟବାଦ ଅର୍ପଣ କରାଯାଇଥିଲା। ଅଞ୍ଚଳର ବିଭିନ୍ନ ସମସ୍ୟା ନେଇ ଆଲୋଚନା ହୋଇଥିଲା ଏବଂ ତୁରନ୍ତ ସମାଧାନ ପାଇଁ ଦାବି କରାଯାଇଥିଲା। ପ୍ରଶାସନ ପକ୍ଷରୁ ସମସ୍ତ ସହଯୋଗର ପ୍ରତିଶ୍ରୁତି ଦିଆଯାଇଛି।
ଟାଙ୍ଗା ଅଧିକାର ଅଭିଯାନ
ସ୍ଥାନୀୟ ଅଞ୍ଚଳରେ ଏହି କାର୍ଯ୍ୟକ୍ରମ ଆୟୋଜିତ ହୋଇଥିଲା। ଏଥିରେ ବହୁ ସଂଖ୍ୟାରେ ଲୋକ ଯୋଗଦେଇ ନିଜ ନିଜ ମତ ରଖିଥିଲେ। ମୁଖ୍ୟ ଅତିଥି ଭାବେ ଜିଲ୍ଲାପାଳ ଯୋଗଦେଇ ଉଦ୍‌ବୋଧନ ଦେଇଥିଲେ। ସଭାପତିତ୍ୱ କରିଥିଲେ ସ୍ଥାନୀୟ ସରପଞ୍ଚ। ଏହି ଅବସରରେ ବିଭିନ୍ନ ସାଂସ୍କୃତିକ କାର୍ଯ୍ୟକ୍ରମ ପରିବେଷଣ କରାଯାଇଥିଲା। ଶେଷରେ ଧନ୍ୟବାଦ ଅର୍ପଣ କରାଯାଇଥିଲା। ଅଞ୍ଚଳର ବିଭିନ୍ନ ସମସ୍ୟା ନେଇ ଆଲୋଚନା ହୋଇଥିଲା ଏବଂ ତୁରନ୍ତ ସମାଧାନ ପାଇଁ ଦାବି କରାଯାଇଥିଲା। ପ୍ରଶାସନ ପକ୍ଷରୁ ସମସ୍ତ ସହଯୋଗର ପ୍ରତିଶ୍ରୁତି ଦିଆଯାଇଛି।ସ୍ଥାନୀୟ ଅଞ୍ଚଳରେ ଏହି କାର୍ଯ୍ୟକ୍ରମ ଆୟୋଜିତ ହୋଇଥିଲା। ଏଥିରେ ବହୁ ସଂଖ୍ୟାରେ ଲୋକ ଯୋଗଦେଇ ନିଜ ନିଜ ମତ ରଖିଥିଲେ। ମୁଖ୍ୟ ଅତିଥି ଭାବେ ଜିଲ୍ଲାପାଳ ଯୋଗଦେଇ ଉଦ୍‌ବୋଧନ ଦେଇଥିଲେ। ସଭାପତିତ୍ୱ କରିଥିଲେ ସ୍ଥାନୀୟ ସରପଞ୍ଚ। ଏହି ଅବସରରେ ବିଭିନ୍ନ ସାଂସ୍କୃତିକ କାର୍ଯ୍ୟକ୍ରମ ପରିବେଷଣ କରାଯାଇଥିଲା। ଶେଷରେ ଧନ୍ୟବାଦ ଅର୍ପଣ କରାଯାଇଥିଲା। ଅଞ୍ଚଳର ବିଭିନ୍ନ ସମସ୍ୟା ନେଇ ଆଲୋଚନା ହୋଇଥିଲା ଏବଂ ତୁରନ୍ତ ସମାଧାନ ପାଇଁ ଦାବି କରାଯାଇଥିଲା। ପ୍ରଶାସନ ପକ୍ଷରୁ ସମସ୍ତ ସହଯୋଗର ପ୍ରତିଶ୍ରୁତି ଦିଆଯାଇଛି।
● ଦୁଇଜଣଙ୍କ ମଧ୍ୟରେ ମାରପିଟ୍‌ ଅଭିଯୁକ୍ତ ଗିରଫ
● ବାଳ ଗ୍ରାମୀଣ ଠକେ ଅଭିଯୁକ୍ତ
● ପୁରୁଷାଙ୍କ ଓ ମହିଳାଙ୍କ ପ୍ରୋତ୍ସାହନ
● ବୁଲାହିତିକ ସ୍ୱାସ୍ଥ୍ୟ ଚେତନା
